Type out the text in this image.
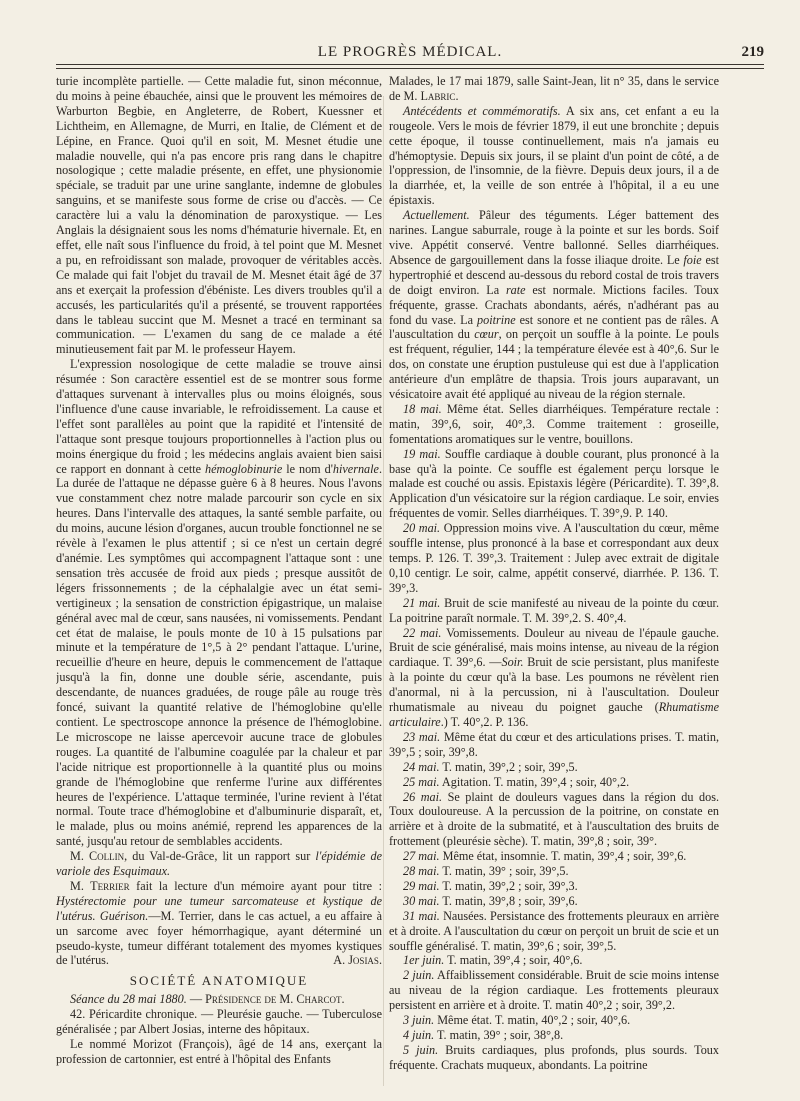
LE PROGRÈS MÉDICAL.	219

turie incomplète partielle. — Cette maladie fut, sinon méconnue, du moins à peine ébauchée, ainsi que le prouvent les mémoires de Warburton Begbie, en Angleterre, de Robert, Kuessner et Lichtheim, en Allemagne, de Murri, en Italie, de Clément et de Lépine, en France. Quoi qu'il en soit, M. Mesnet étudie une maladie nouvelle, qui n'a pas encore pris rang dans le chapitre nosologique ; cette maladie présente, en effet, une physionomie spéciale, se traduit par une urine sanglante, indemne de globules sanguins, et se manifeste sous forme de crise ou d'accès. — Ce caractère lui a valu la dénomination de paroxystique. — Les Anglais la désignaient sous les noms d'hématurie hivernale. Et, en effet, elle naît sous l'influence du froid, à tel point que M. Mesnet a pu, en refroidissant son malade, provoquer de véritables accès. Ce malade qui fait l'objet du travail de M. Mesnet était âgé de 37 ans et exerçait la profession d'ébéniste. Les divers troubles qu'il a accusés, les particularités qu'il a présenté, se trouvent rapportées dans le tableau succint que M. Mesnet a tracé en terminant sa communication. — L'examen du sang de ce malade a été minutieusement fait par M. le professeur Hayem.

L'expression nosologique de cette maladie se trouve ainsi résumée : Son caractère essentiel est de se montrer sous forme d'attaques survenant à intervalles plus ou moins éloignés, sous l'influence d'une cause invariable, le refroidissement. La cause et l'effet sont parallèles au point que la rapidité et l'intensité de l'attaque sont presque toujours proportionnelles à l'action plus ou moins énergique du froid ; les médecins anglais avaient bien saisi ce rapport en donnant à cette hémoglobinurie le nom d'hivernale. La durée de l'attaque ne dépasse guère 6 à 8 heures. Nous l'avons vue constamment chez notre malade parcourir son cycle en six heures. Dans l'intervalle des attaques, la santé semble parfaite, ou du moins, aucune lésion d'organes, aucun trouble fonctionnel ne se révèle à l'examen le plus attentif ; si ce n'est un certain degré d'anémie. Les symptômes qui accompagnent l'attaque sont : une sensation très accusée de froid aux pieds ; presque aussitôt de légers frissonnements ; de la céphalalgie avec un état semi-vertigineux ; la sensation de constriction épigastrique, un malaise général avec mal de cœur, sans nausées, ni vomissements. Pendant cet état de malaise, le pouls monte de 10 à 15 pulsations par minute et la température de 1°,5 à 2° pendant l'attaque. L'urine, recueillie d'heure en heure, depuis le commencement de l'attaque jusqu'à la fin, donne une double série, ascendante, puis descendante, de nuances graduées, de rouge pâle au rouge très foncé, suivant la quantité relative de l'hémoglobine qu'elle contient. Le spectroscope annonce la présence de l'hémoglobine. Le microscope ne laisse apercevoir aucune trace de globules rouges. La quantité de l'albumine coagulée par la chaleur et par l'acide nitrique est proportionnelle à la quantité plus ou moins grande de l'hémoglobine que renferme l'urine aux différentes heures de l'expérience. L'attaque terminée, l'urine revient à l'état normal. Toute trace d'hémoglobine et d'albuminurie disparaît, et, le malade, plus ou moins anémié, reprend les apparences de la santé, jusqu'au retour de semblables accidents.

M. Collin, du Val-de-Grâce, lit un rapport sur l'épidémie de variole des Esquimaux.

M. Terrier fait la lecture d'un mémoire ayant pour titre : Hystérectomie pour une tumeur sarcomateuse et kystique de l'utérus. Guérison.—M. Terrier, dans le cas actuel, a eu affaire à un sarcome avec foyer hémorrhagique, ayant déterminé un pseudo-kyste, tumeur différant totalement des myomes kystiques de l'utérus.	A. Josias.

SOCIÉTÉ ANATOMIQUE

Séance du 28 mai 1880. — Présidence de M. Charcot.

42. Péricardite chronique. — Pleurésie gauche. — Tuberculose généralisée ; par Albert Josias, interne des hôpitaux.

Le nommé Morizot (François), âgé de 14 ans, exerçant la profession de cartonnier, est entré à l'hôpital des Enfants

Malades, le 17 mai 1879, salle Saint-Jean, lit n° 35, dans le service de M. Labric.

Antécédents et commémoratifs. A six ans, cet enfant a eu la rougeole. Vers le mois de février 1879, il eut une bronchite ; depuis cette époque, il tousse continuellement, mais n'a jamais eu d'hémoptysie. Depuis six jours, il se plaint d'un point de côté, a de l'oppression, de l'insomnie, de la fièvre. Depuis deux jours, il a de la diarrhée, et, la veille de son entrée à l'hôpital, il a eu une épistaxis.

Actuellement. Pâleur des téguments. Léger battement des narines. Langue saburrale, rouge à la pointe et sur les bords. Soif vive. Appétit conservé. Ventre ballonné. Selles diarrhéiques. Absence de gargouillement dans la fosse iliaque droite. Le foie est hypertrophié et descend au-dessous du rebord costal de trois travers de doigt environ. La rate est normale. Mictions faciles. Toux fréquente, grasse. Crachats abondants, aérés, n'adhérant pas au fond du vase. La poitrine est sonore et ne contient pas de râles. A l'auscultation du cœur, on perçoit un souffle à la pointe. Le pouls est fréquent, régulier, 144 ; la température élevée est à 40°,6. Sur le dos, on constate une éruption pustuleuse qui est due à l'application antérieure d'un emplâtre de thapsia. Trois jours auparavant, un vésicatoire avait été appliqué au niveau de la région sternale.

18 mai. Même état. Selles diarrhéiques. Température rectale : matin, 39°,6, soir, 40°,3. Comme traitement : groseille, fomentations aromatiques sur le ventre, bouillons.

19 mai. Souffle cardiaque à double courant, plus prononcé à la base qu'à la pointe. Ce souffle est également perçu lorsque le malade est couché ou assis. Epistaxis légère (Péricardite). T. 39°,8. Application d'un vésicatoire sur la région cardiaque. Le soir, envies fréquentes de vomir. Selles diarrhéiques. T. 39°,9. P. 140.

20 mai. Oppression moins vive. A l'auscultation du cœur, même souffle intense, plus prononcé à la base et correspondant aux deux temps. P. 126. T. 39°,3. Traitement : Julep avec extrait de digitale 0,10 centigr. Le soir, calme, appétit conservé, diarrhée. P. 136. T. 39°,3.

21 mai. Bruit de scie manifesté au niveau de la pointe du cœur. La poitrine paraît normale. T. M. 39°,2. S. 40°,4.

22 mai. Vomissements. Douleur au niveau de l'épaule gauche. Bruit de scie généralisé, mais moins intense, au niveau de la région cardiaque. T. 39°,6. —Soir. Bruit de scie persistant, plus manifeste à la pointe du cœur qu'à la base. Les poumons ne révèlent rien d'anormal, ni à la percussion, ni à l'auscultation. Douleur rhumatismale au niveau du poignet gauche (Rhumatisme articulaire.) T. 40°,2. P. 136.

23 mai. Même état du cœur et des articulations prises. T. matin, 39°,5 ; soir, 39°,8.

24 mai. T. matin, 39°,2 ; soir, 39°,5.

25 mai. Agitation. T. matin, 39°,4 ; soir, 40°,2.

26 mai. Se plaint de douleurs vagues dans la région du dos. Toux douloureuse. A la percussion de la poitrine, on constate en arrière et à droite de la submatité, et à l'auscultation des bruits de frottement (pleurésie sèche). T. matin, 39°,8 ; soir, 39°.

27 mai. Même état, insomnie. T. matin, 39°,4 ; soir, 39°,6.

28 mai. T. matin, 39° ; soir, 39°,5.

29 mai. T. matin, 39°,2 ; soir, 39°,3.

30 mai. T. matin, 39°,8 ; soir, 39°,6.

31 mai. Nausées. Persistance des frottements pleuraux en arrière et à droite. A l'auscultation du cœur on perçoit un bruit de scie et un souffle généralisé. T. matin, 39°,6 ; soir, 39°,5.

1er juin. T. matin, 39°,4 ; soir, 40°,6.

2 juin. Affaiblissement considérable. Bruit de scie moins intense au niveau de la région cardiaque. Les frottements pleuraux persistent en arrière et à droite. T. matin 40°,2 ; soir, 39°,2.

3 juin. Même état. T. matin, 40°,2 ; soir, 40°,6.

4 juin. T. matin, 39° ; soir, 38°,8.

5 juin. Bruits cardiaques, plus profonds, plus sourds. Toux fréquente. Crachats muqueux, abondants. La poitrine
